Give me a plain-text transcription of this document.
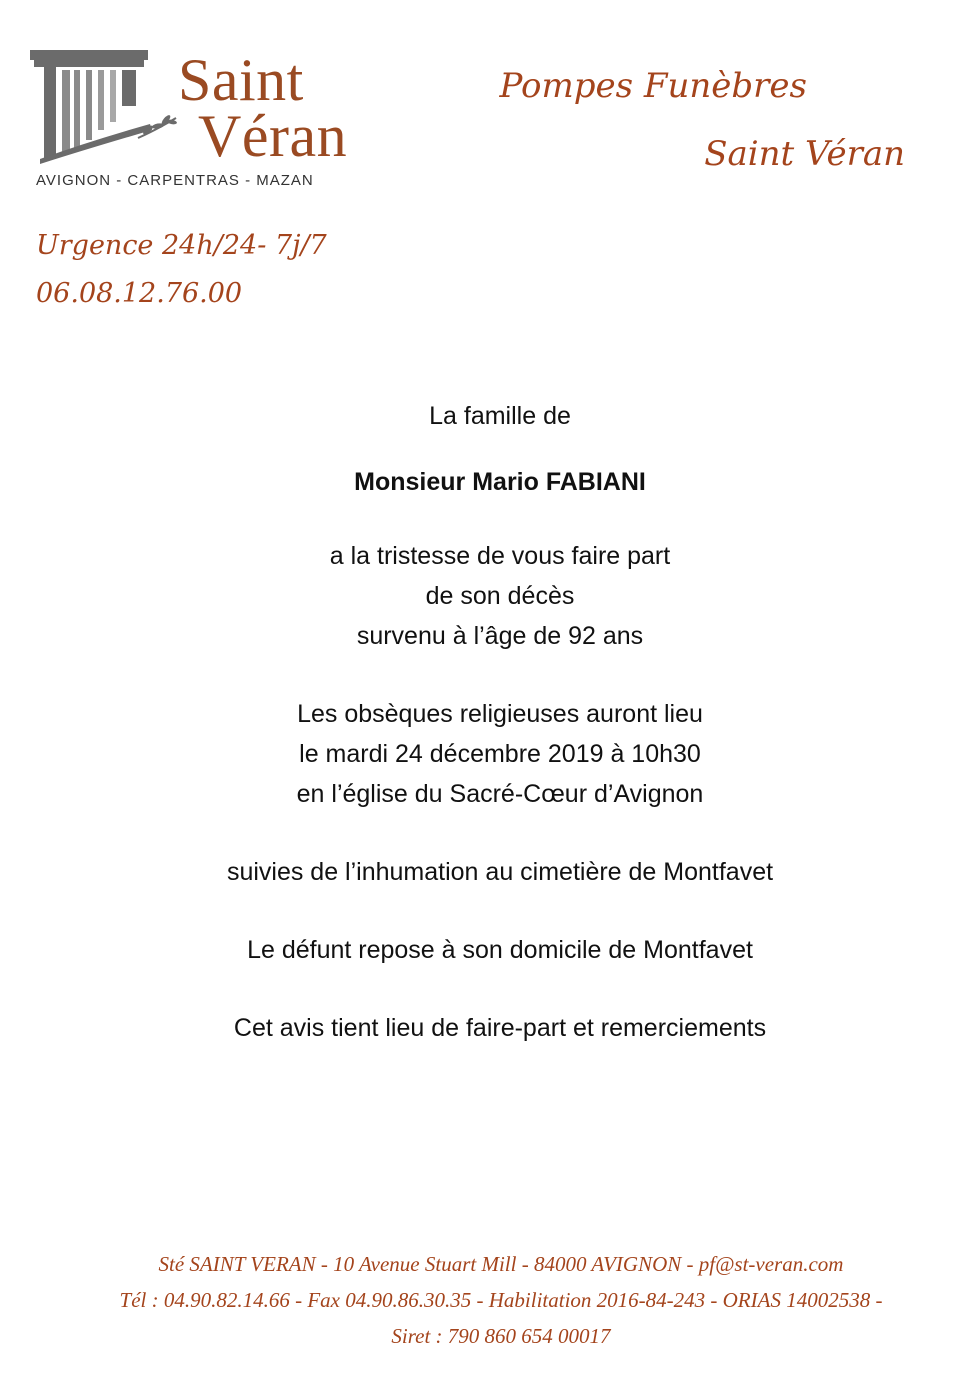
Saint
Véran
AVIGNON - CARPENTRAS - MAZAN
Pompes Funèbres
Saint Véran
Urgence 24h/24- 7j/7
06.08.12.76.00

La famille de

Monsieur Mario FABIANI

a la tristesse de vous faire part

de son décès

survenu à l’âge de 92 ans

Les obsèques religieuses auront lieu

le mardi 24 décembre 2019 à 10h30

en l’église du Sacré-Cœur d’Avignon

suivies de l’inhumation au cimetière de Montfavet

Le défunt repose à son domicile de Montfavet

Cet avis tient lieu de faire-part et remerciements

Sté SAINT VERAN - 10 Avenue Stuart Mill - 84000 AVIGNON - pf@st-veran.com

Tél : 04.90.82.14.66 - Fax 04.90.86.30.35 - Habilitation 2016-84-243 - ORIAS 14002538 -

Siret : 790 860 654 00017
